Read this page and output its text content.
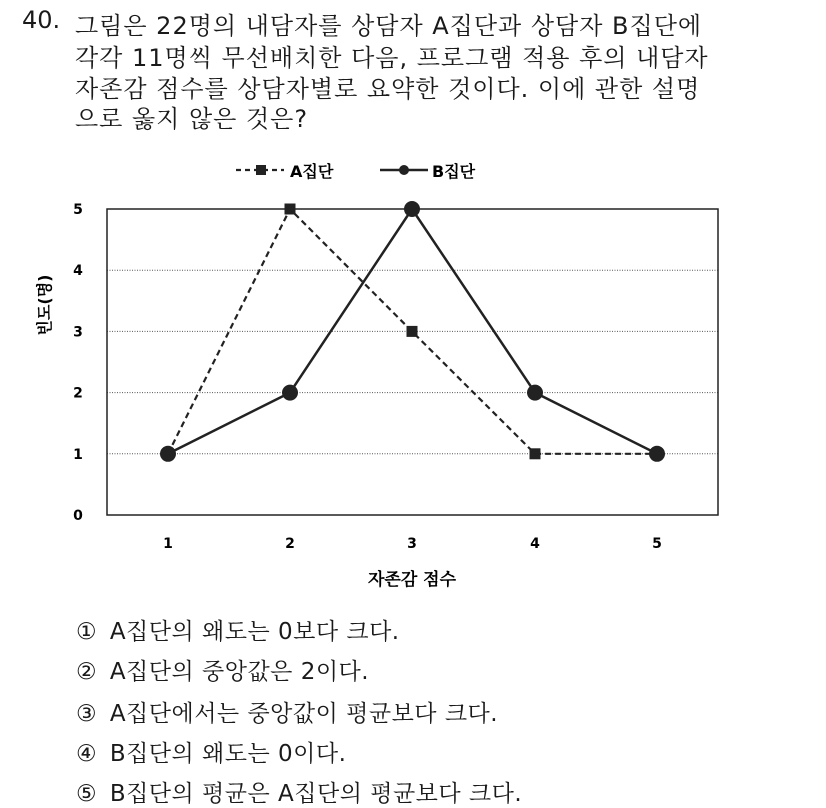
40. 그림은 22명의 내담자를 상담자 A집단과 상담자 B집단에
각각 11명씩 무선배치한 다음, 프로그램 적용 후의 내담자
자존감 점수를 상담자별로 요약한 것이다. 이에 관한 설명
으로 옳지 않은 것은?
A집단	B집단
0
1
2
3
4
5
1	2	3	4	5
빈도(명)
자존감 점수
① A집단의 왜도는 0보다 크다.
② A집단의 중앙값은 2이다.
③ A집단에서는 중앙값이 평균보다 크다.
④ B집단의 왜도는 0이다.
⑤ B집단의 평균은 A집단의 평균보다 크다.
